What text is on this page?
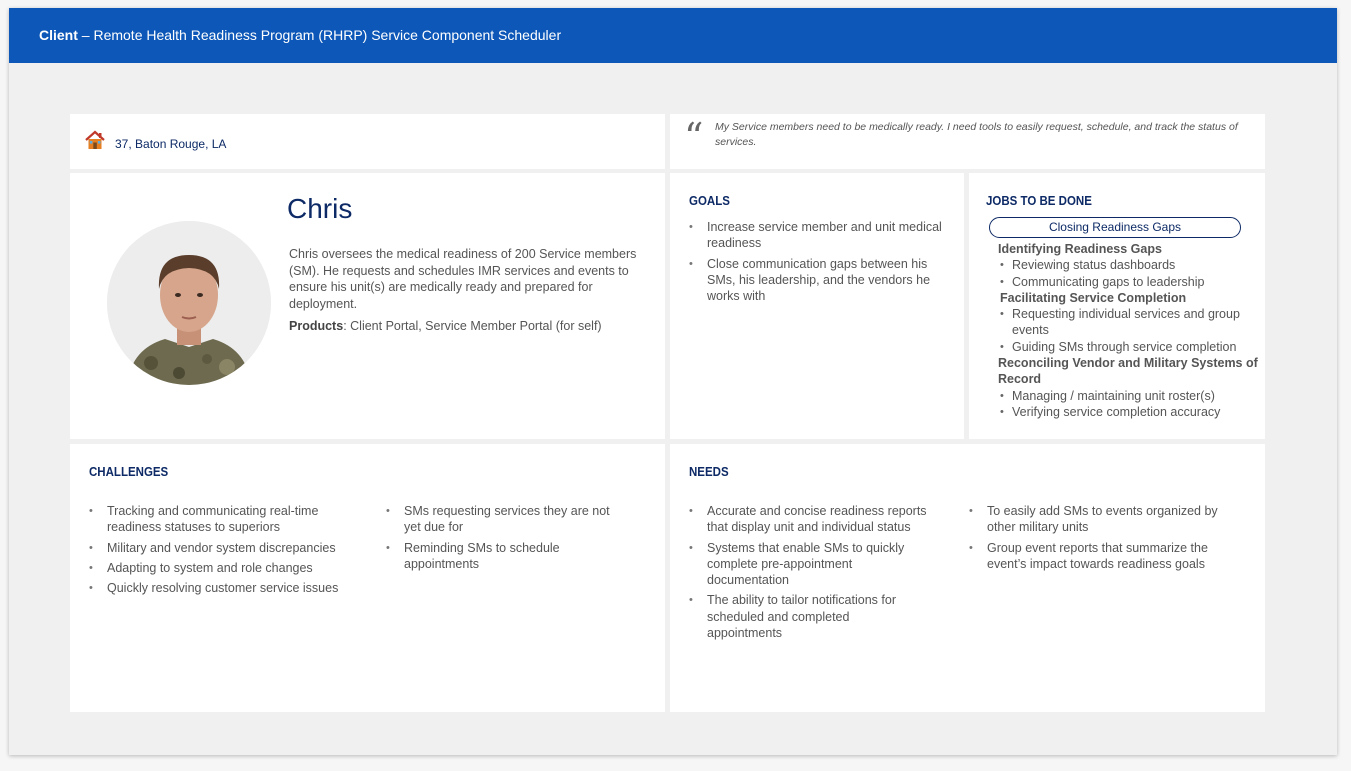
Client – Remote Health Readiness Program (RHRP) Service Component Scheduler
37, Baton Rouge, LA	“ My Service members need to be medically ready. I need tools to easily request, schedule, and track the status of services.
Chris
Chris oversees the medical readiness of 200 Service members (SM). He requests and schedules IMR services and events to ensure his unit(s) are medically ready and prepared for deployment.
Products: Client Portal, Service Member Portal (for self)
GOALS
• Increase service member and unit medical readiness
• Close communication gaps between his SMs, his leadership, and the vendors he works with
JOBS TO BE DONE
Closing Readiness Gaps
Identifying Readiness Gaps
• Reviewing status dashboards
• Communicating gaps to leadership
Facilitating Service Completion
• Requesting individual services and group events
• Guiding SMs through service completion
Reconciling Vendor and Military Systems of Record
• Managing / maintaining unit roster(s)
• Verifying service completion accuracy
CHALLENGES
• Tracking and communicating real-time readiness statuses to superiors
• Military and vendor system discrepancies
• Adapting to system and role changes
• Quickly resolving customer service issues
• SMs requesting services they are not yet due for
• Reminding SMs to schedule appointments
NEEDS
• Accurate and concise readiness reports that display unit and individual status
• Systems that enable SMs to quickly complete pre-appointment documentation
• The ability to tailor notifications for scheduled and completed appointments
• To easily add SMs to events organized by other military units
• Group event reports that summarize the event’s impact towards readiness goals
